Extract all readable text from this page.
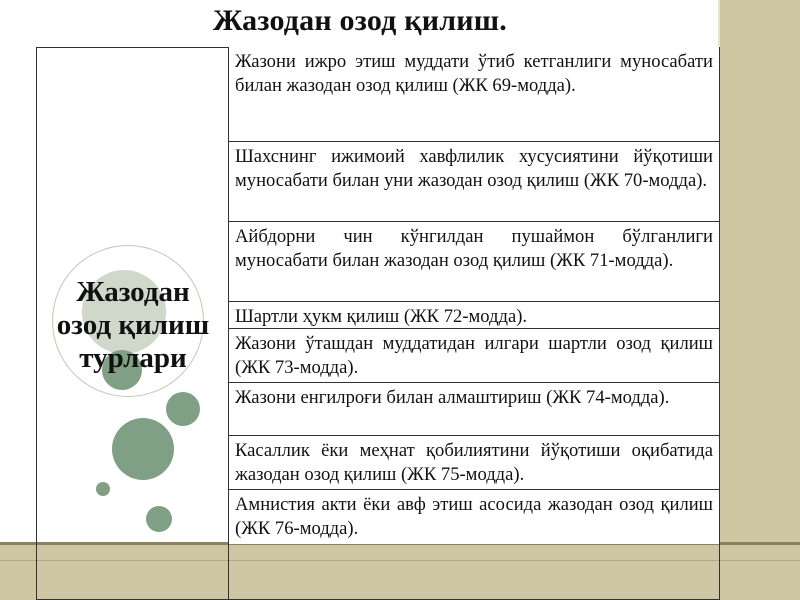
Жазодан озод қилиш.
Жазодан
озод қилиш
турлари
Жазони ижро этиш муддати ўтиб кетганлиги муносабати билан жазодан озод қилиш (ЖК 69-модда).
Шахснинг ижимоий хавфлилик хусусиятини йўқотиши муносабати билан уни жазодан озод қилиш (ЖК 70-модда).
Айбдорни чин кўнгилдан пушаймон бўлганлиги муносабати билан жазодан озод қилиш (ЖК 71-модда).
Шартли ҳукм қилиш (ЖК 72-модда).
Жазони ўташдан муддатидан илгари шартли озод қилиш (ЖК 73-модда).
Жазони енгилроғи билан алмаштириш (ЖК 74-модда).
Касаллик ёки меҳнат қобилиятини йўқотиши оқибатида жазодан озод қилиш (ЖК 75-модда).
Амнистия акти ёки авф этиш асосида жазодан озод қилиш (ЖК 76-модда).
